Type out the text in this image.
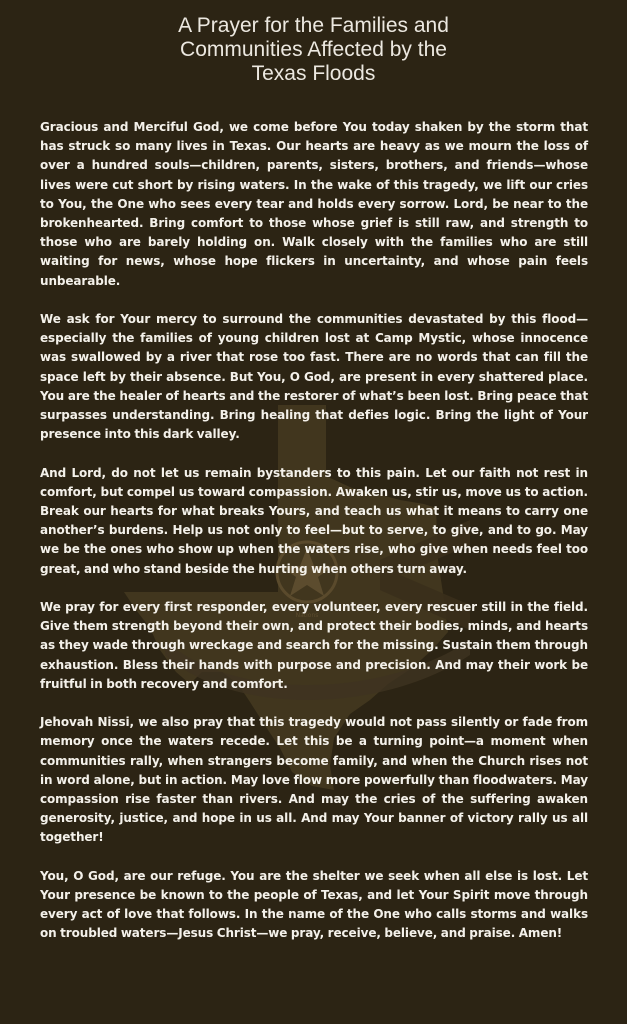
Nations
A Prayer for the Families and
Communities Affected by the
Texas Floods

Gracious and Merciful God, we come before You today shaken by the storm that has struck so many lives in Texas. Our hearts are heavy as we mourn the loss of over a hundred souls—children, parents, sisters, brothers, and friends—whose lives were cut short by rising waters. In the wake of this tragedy, we lift our cries to You, the One who sees every tear and holds every sorrow. Lord, be near to the brokenhearted. Bring comfort to those whose grief is still raw, and strength to those who are barely holding on. Walk closely with the families who are still waiting for news, whose hope flickers in uncertainty, and whose pain feels unbearable.

We ask for Your mercy to surround the communities devastated by this flood—especially the families of young children lost at Camp Mystic, whose innocence was swallowed by a river that rose too fast. There are no words that can fill the space left by their absence. But You, O God, are present in every shattered place. You are the healer of hearts and the restorer of what’s been lost. Bring peace that surpasses understanding. Bring healing that defies logic. Bring the light of Your presence into this dark valley.

And Lord, do not let us remain bystanders to this pain. Let our faith not rest in comfort, but compel us toward compassion. Awaken us, stir us, move us to action. Break our hearts for what breaks Yours, and teach us what it means to carry one another’s burdens. Help us not only to feel—but to serve, to give, and to go. May we be the ones who show up when the waters rise, who give when needs feel too great, and who stand beside the hurting when others turn away.

We pray for every first responder, every volunteer, every rescuer still in the field. Give them strength beyond their own, and protect their bodies, minds, and hearts as they wade through wreckage and search for the missing. Sustain them through exhaustion. Bless their hands with purpose and precision. And may their work be fruitful in both recovery and comfort.

Jehovah Nissi, we also pray that this tragedy would not pass silently or fade from memory once the waters recede. Let this be a turning point—a moment when communities rally, when strangers become family, and when the Church rises not in word alone, but in action. May love flow more powerfully than floodwaters. May compassion rise faster than rivers. And may the cries of the suffering awaken generosity, justice, and hope in us all. And may Your banner of victory rally us all together!

You, O God, are our refuge. You are the shelter we seek when all else is lost. Let Your presence be known to the people of Texas, and let Your Spirit move through every act of love that follows. In the name of the One who calls storms and walks on troubled waters—Jesus Christ—we pray, receive, believe, and praise. Amen!
